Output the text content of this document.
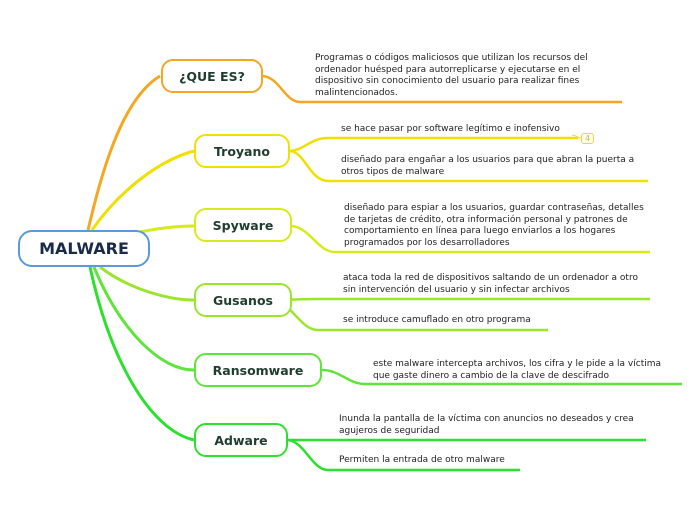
MALWARE
¿QUE ES?
Troyano
Spyware
Gusanos
Ransomware
Adware
Programas o códigos maliciosos que utilizan los recursos del ordenador huésped para autorreplicarse y ejecutarse en el dispositivo sin conocimiento del usuario para realizar fines malintencionados.
se hace pasar por software legítimo e inofensivo
4
diseñado para engañar a los usuarios para que abran la puerta a otros tipos de malware
diseñado para espiar a los usuarios, guardar contraseñas, detalles de tarjetas de crédito, otra información personal y patrones de comportamiento en línea para luego enviarlos a los hogares programados por los desarrolladores
ataca toda la red de dispositivos saltando de un ordenador a otro sin intervención del usuario y sin infectar archivos
se introduce camuflado en otro programa
este malware intercepta archivos, los cifra y le pide a la víctima que gaste dinero a cambio de la clave de descifrado
Inunda la pantalla de la víctima con anuncios no deseados y crea agujeros de seguridad
Permiten la entrada de otro malware
